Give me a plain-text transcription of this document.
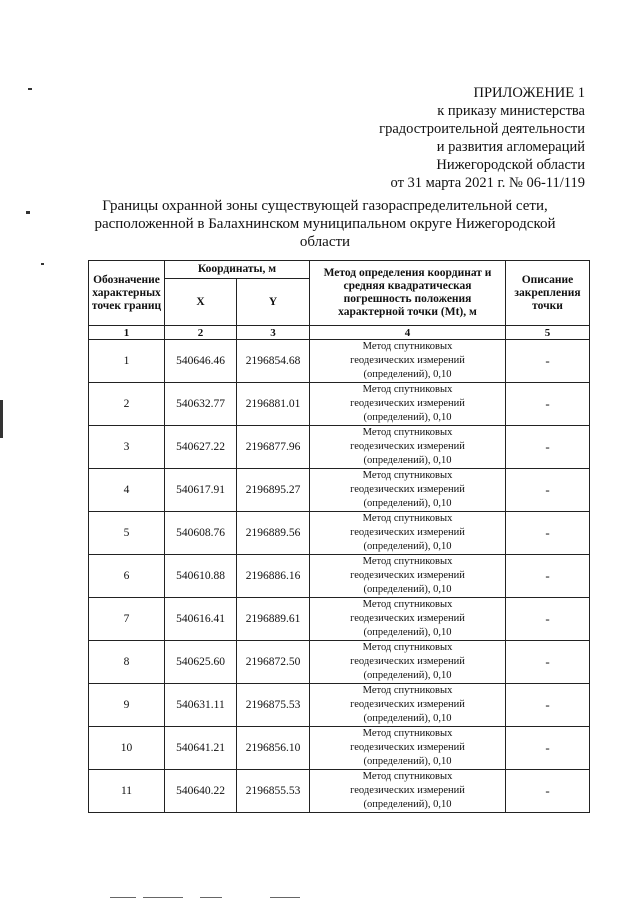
ПРИЛОЖЕНИЕ 1
к приказу министерства
градостроительной деятельности
и развития агломераций
Нижегородской области
от 31 марта 2021 г. № 06-11/119
Границы охранной зоны существующей газораспределительной сети,
расположенной в Балахнинском муниципальном округе Нижегородской
области
Обозначение характерных точек границ	Координаты, м		Метод определения координат и средняя квадратическая погрешность положения характерной точки (Mt), м	Описание закрепления точки
	X	Y		
1	2	3	4	5
1	540646.46	2196854.68	Метод спутниковых
геодезических измерений
(определений), 0,10	-
2	540632.77	2196881.01	Метод спутниковых
геодезических измерений
(определений), 0,10	-
3	540627.22	2196877.96	Метод спутниковых
геодезических измерений
(определений), 0,10	-
4	540617.91	2196895.27	Метод спутниковых
геодезических измерений
(определений), 0,10	-
5	540608.76	2196889.56	Метод спутниковых
геодезических измерений
(определений), 0,10	-
6	540610.88	2196886.16	Метод спутниковых
геодезических измерений
(определений), 0,10	-
7	540616.41	2196889.61	Метод спутниковых
геодезических измерений
(определений), 0,10	-
8	540625.60	2196872.50	Метод спутниковых
геодезических измерений
(определений), 0,10	-
9	540631.11	2196875.53	Метод спутниковых
геодезических измерений
(определений), 0,10	-
10	540641.21	2196856.10	Метод спутниковых
геодезических измерений
(определений), 0,10	-
11	540640.22	2196855.53	Метод спутниковых
геодезических измерений
(определений), 0,10	-
